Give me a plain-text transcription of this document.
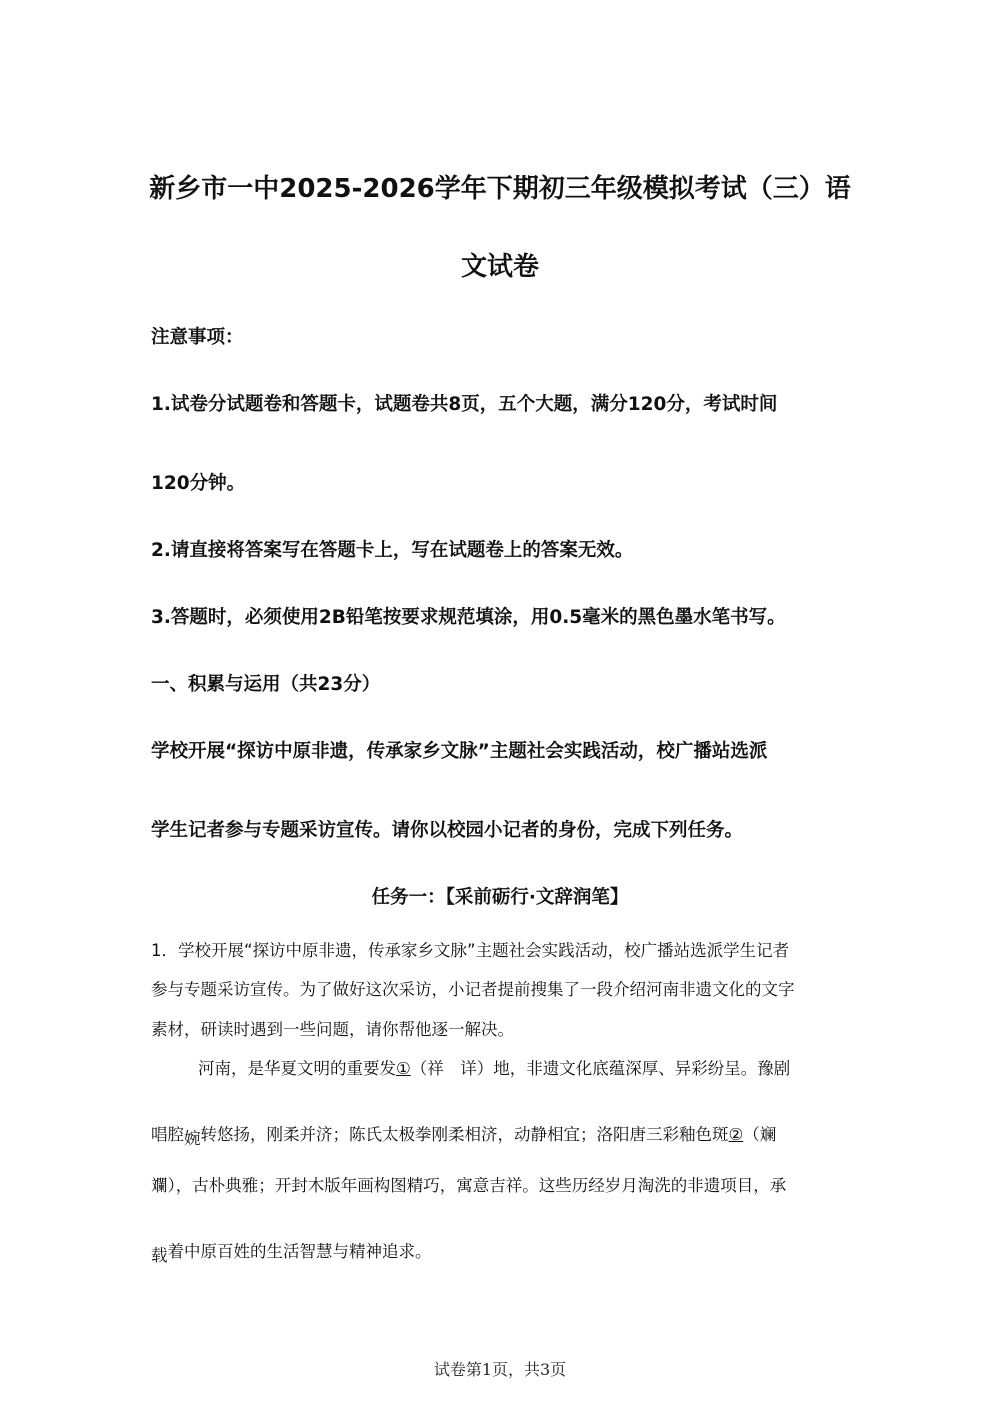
新乡市一中2025-2026学年下期初三年级模拟考试（三）语
文试卷
注意事项：
1.试卷分试题卷和答题卡，试题卷共8页，五个大题，满分120分，考试时间
120分钟。
2.请直接将答案写在答题卡上，写在试题卷上的答案无效。
3.答题时，必须使用2B铅笔按要求规范填涂，用0.5毫米的黑色墨水笔书写。
一、积累与运用（共23分）
学校开展“探访中原非遗，传承家乡文脉”主题社会实践活动，校广播站选派
学生记者参与专题采访宣传。请你以校园小记者的身份，完成下列任务。
任务一：【采前砺行·文辞润笔】
1．学校开展“探访中原非遗，传承家乡文脉”主题社会实践活动，校广播站选派学生记者
参与专题采访宣传。为了做好这次采访，小记者提前搜集了一段介绍河南非遗文化的文字
素材，研读时遇到一些问题，请你帮他逐一解决。
河南，是华夏文明的重要发①（祥　详）地，非遗文化底蕴深厚、异彩纷呈。豫剧
唱腔婉转悠扬，刚柔并济；陈氏太极拳刚柔相济，动静相宜；洛阳唐三彩釉色斑②（斓
斕），古朴典雅；开封木版年画构图精巧，寓意吉祥。这些历经岁月淘洗的非遗项目，承
载着中原百姓的生活智慧与精神追求。
试卷第1页，共3页
